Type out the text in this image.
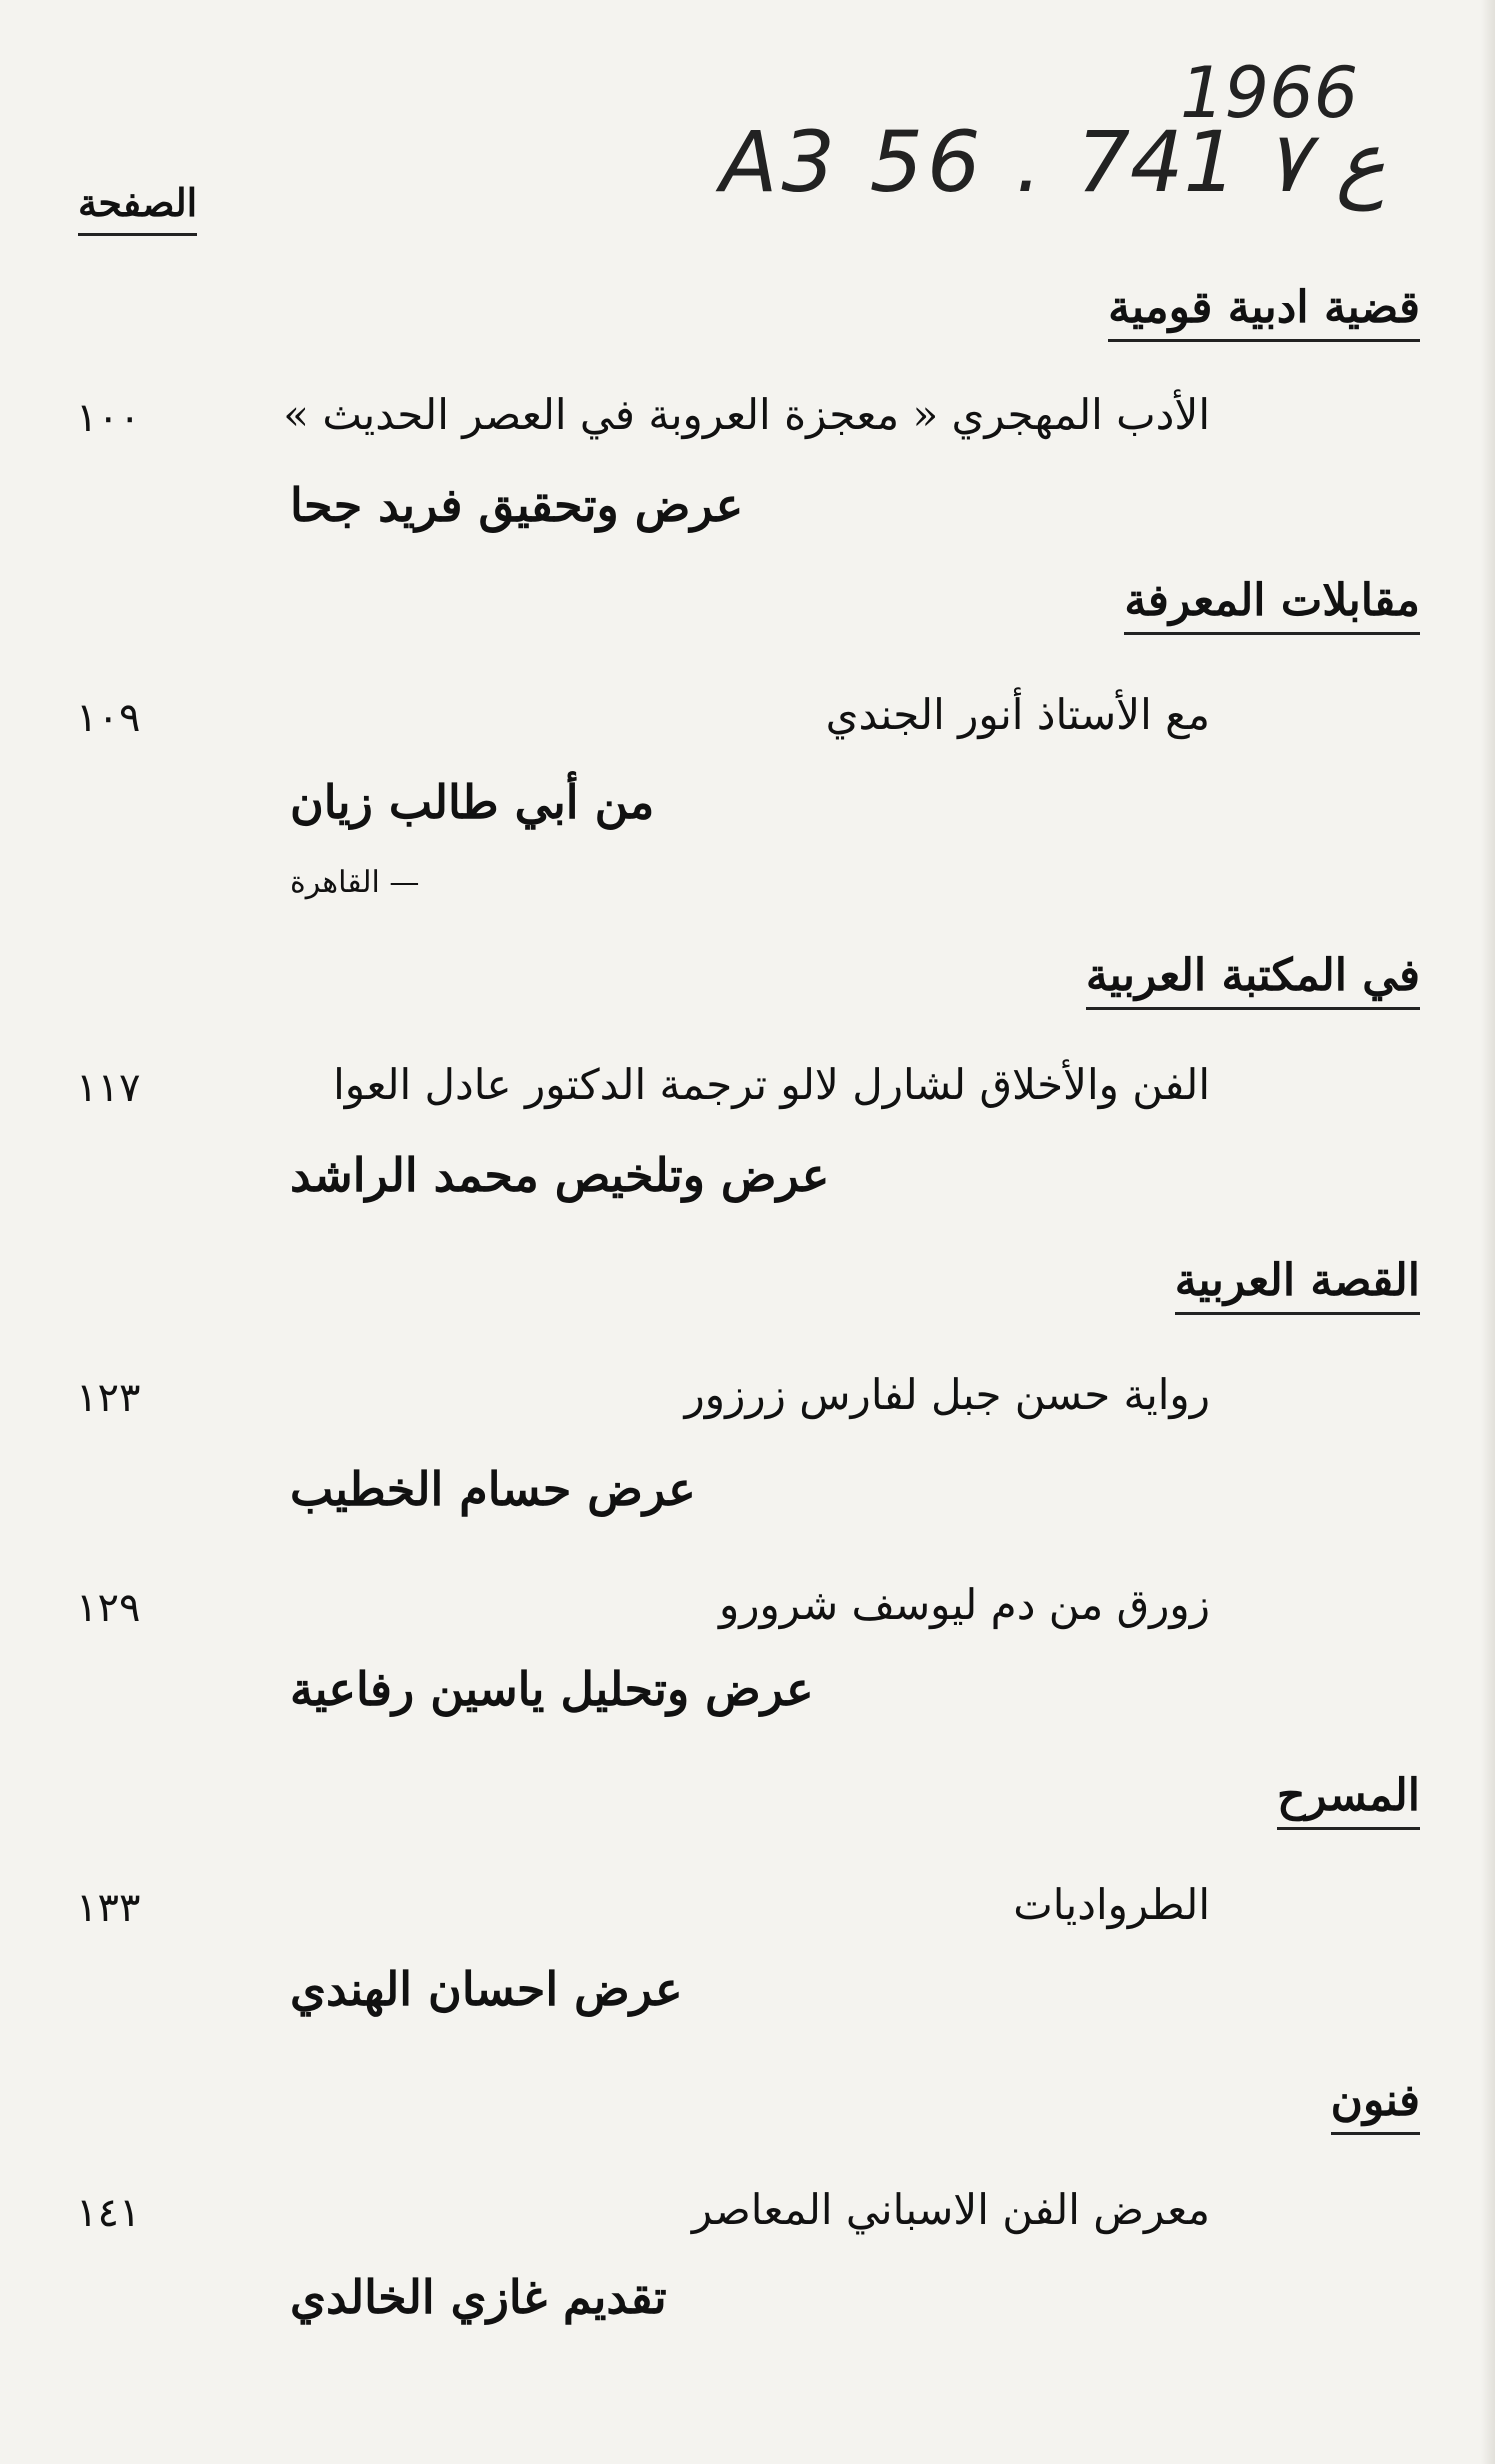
1966
A3 56 . ع ٧ 741
الصفحة
قضية ادبية قومية
الأدب المهجري « معجزة العروبة في العصر الحديث »
١٠٠
عرض وتحقيق فريد جحا
مقابلات المعرفة
مع الأستاذ أنور الجندي
١٠٩
من أبي طالب زيان
— القاهرة
في المكتبة العربية
الفن والأخلاق لشارل لالو ترجمة الدكتور عادل العوا
١١٧
عرض وتلخيص محمد الراشد
القصة العربية
رواية حسن جبل لفارس زرزور
١٢٣
عرض حسام الخطيب
زورق من دم ليوسف شرورو
١٢٩
عرض وتحليل ياسين رفاعية
المسرح
الطرواديات
١٣٣
عرض احسان الهندي
فنون
معرض الفن الاسباني المعاصر
١٤١
تقديم غازي الخالدي
